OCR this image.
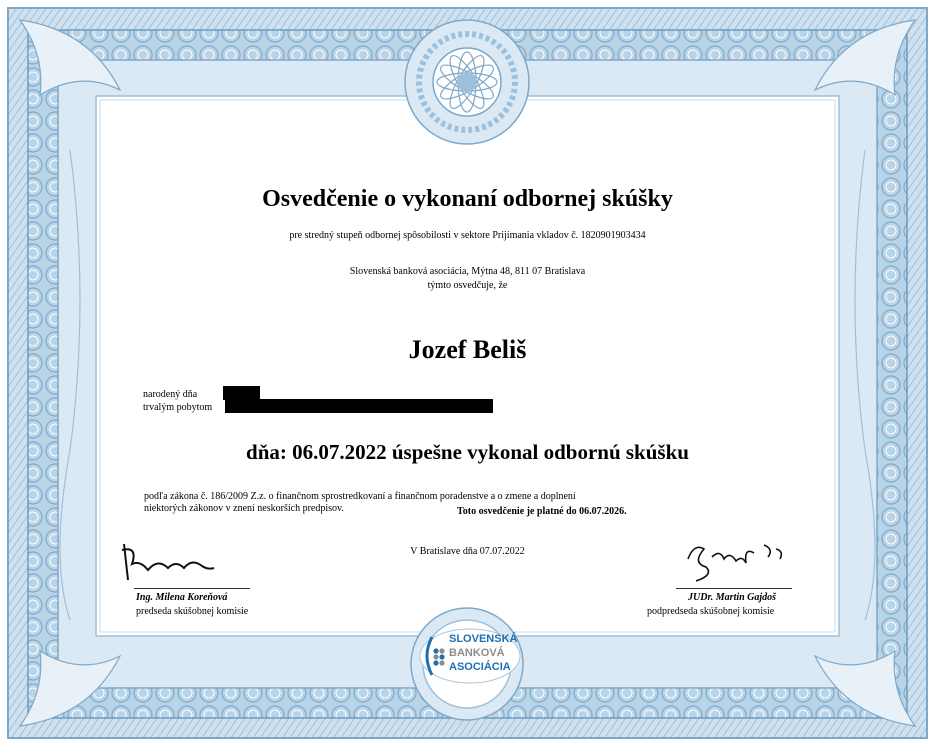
Osvedčenie o vykonaní odbornej skúšky
pre stredný stupeň odbornej spôsobilosti v sektore Prijímania vkladov č. 1820901903434
Slovenská banková asociácia, Mýtna 48, 811 07 Bratislava
týmto osvedčuje, že
Jozef Beliš
narodený dňa
trvalým pobytom
dňa: 06.07.2022 úspešne vykonal odbornú skúšku
podľa zákona č. 186/2009 Z.z. o finančnom sprostredkovaní a finančnom poradenstve a o zmene a doplnení
niektorých zákonov v znení neskorších predpisov.	Toto osvedčenie je platné do 06.07.2026.
V Bratislave dňa 07.07.2022
Ing. Milena Koreňová
predseda skúšobnej komisie
JUDr. Martin Gajdoš
podpredseda skúšobnej komisie
SLOVENSKÁ
BANKOVÁ
ASOCIÁCIA
